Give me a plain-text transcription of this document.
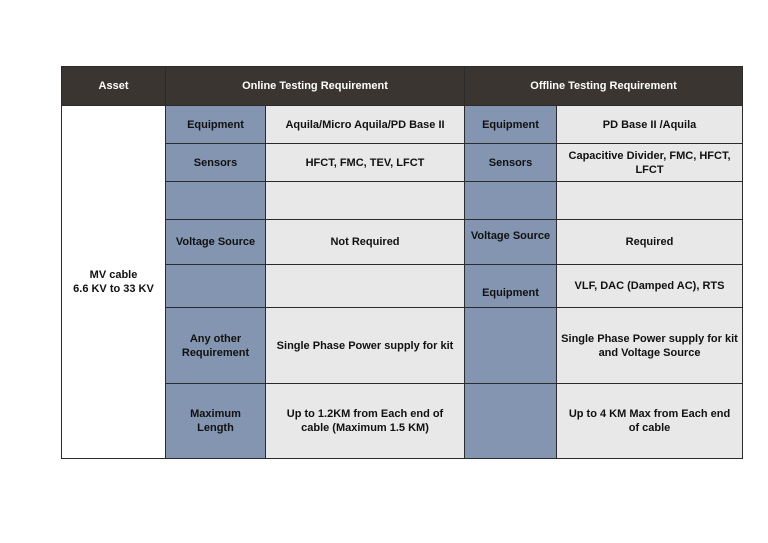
Asset	Online Testing Requirement		Offline Testing Requirement	

MV cable
6.6 KV to 33 KV	Equipment	Aquila/Micro Aquila/PD Base II	Equipment	PD Base II /Aquila
	Sensors	HFCT, FMC, TEV, LFCT	Sensors	Capacitive Divider, FMC, HFCT,
LFCT

	Voltage Source	Not Required	Voltage Source	Required
			Equipment	VLF, DAC (Damped AC), RTS

	Any other
Requirement	Single Phase Power supply for kit		Single Phase Power supply for kit
and Voltage Source

	Maximum
Length	Up to 1.2KM from Each end of
cable (Maximum 1.5 KM)		Up to 4 KM Max from Each end
of cable
